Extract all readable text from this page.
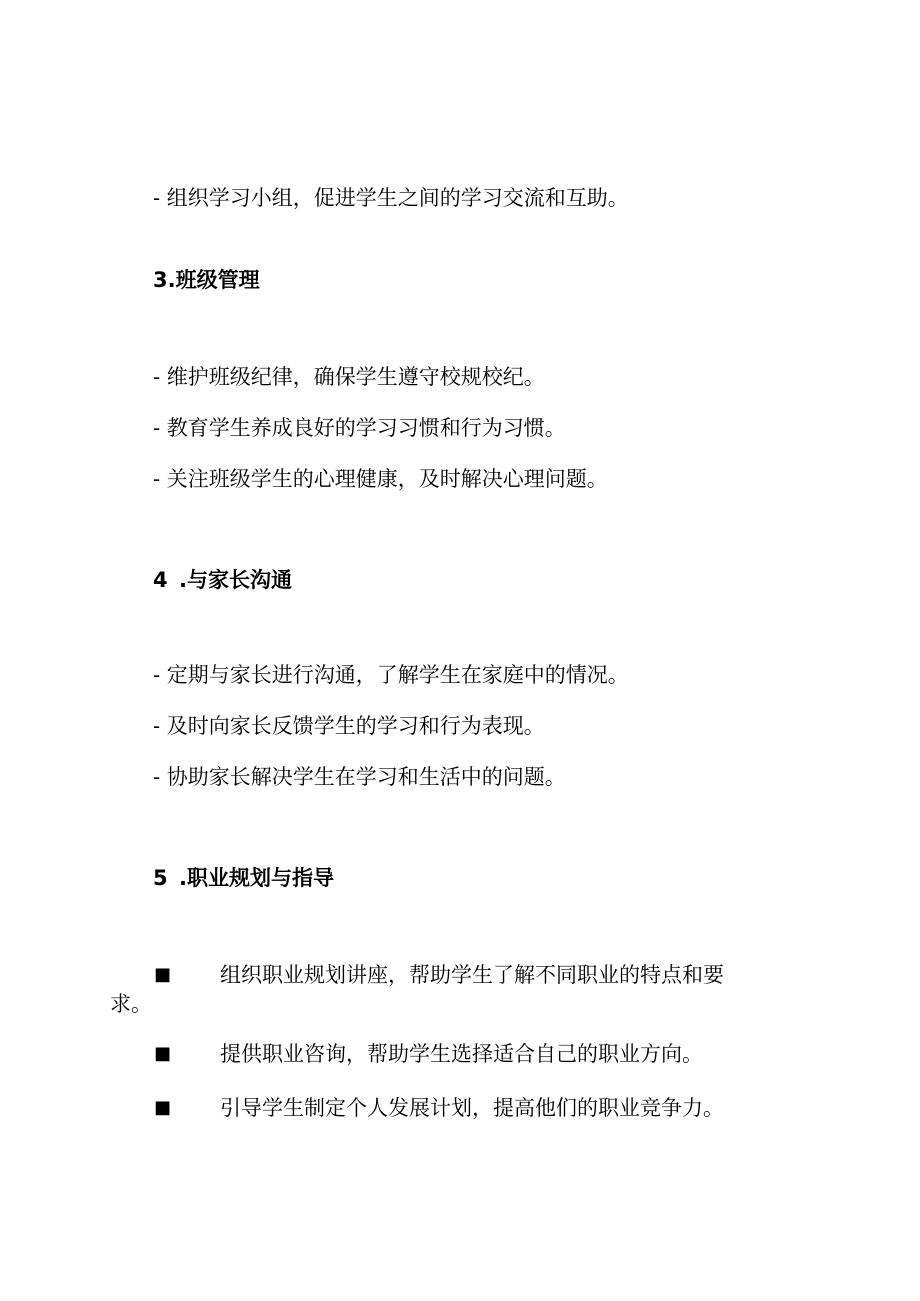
- 组织学习小组，促进学生之间的学习交流和互助。
3.班级管理
- 维护班级纪律，确保学生遵守校规校纪。
- 教育学生养成良好的学习习惯和行为习惯。
- 关注班级学生的心理健康，及时解决心理问题。
4 .与家长沟通
- 定期与家长进行沟通，了解学生在家庭中的情况。
- 及时向家长反馈学生的学习和行为表现。
- 协助家长解决学生在学习和生活中的问题。
5 .职业规划与指导
■ 组织职业规划讲座，帮助学生了解不同职业的特点和要
求。
■ 提供职业咨询，帮助学生选择适合自己的职业方向。
■ 引导学生制定个人发展计划，提高他们的职业竞争力。
